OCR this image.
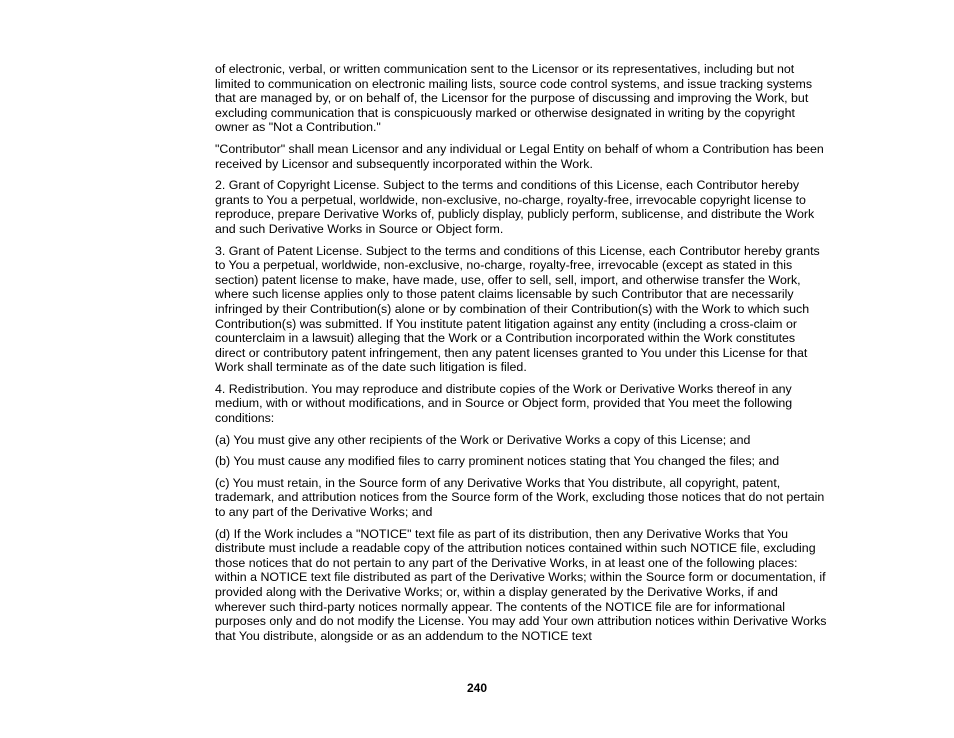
of electronic, verbal, or written communication sent to the Licensor or its representatives, including but not limited to communication on electronic mailing lists, source code control systems, and issue tracking systems that are managed by, or on behalf of, the Licensor for the purpose of discussing and improving the Work, but excluding communication that is conspicuously marked or otherwise designated in writing by the copyright owner as "Not a Contribution."

"Contributor" shall mean Licensor and any individual or Legal Entity on behalf of whom a Contribution has been received by Licensor and subsequently incorporated within the Work.

2. Grant of Copyright License. Subject to the terms and conditions of this License, each Contributor hereby grants to You a perpetual, worldwide, non-exclusive, no-charge, royalty-free, irrevocable copyright license to reproduce, prepare Derivative Works of, publicly display, publicly perform, sublicense, and distribute the Work and such Derivative Works in Source or Object form.

3. Grant of Patent License. Subject to the terms and conditions of this License, each Contributor hereby grants to You a perpetual, worldwide, non-exclusive, no-charge, royalty-free, irrevocable (except as stated in this section) patent license to make, have made, use, offer to sell, sell, import, and otherwise transfer the Work, where such license applies only to those patent claims licensable by such Contributor that are necessarily infringed by their Contribution(s) alone or by combination of their Contribution(s) with the Work to which such Contribution(s) was submitted. If You institute patent litigation against any entity (including a cross-claim or counterclaim in a lawsuit) alleging that the Work or a Contribution incorporated within the Work constitutes direct or contributory patent infringement, then any patent licenses granted to You under this License for that Work shall terminate as of the date such litigation is filed.

4. Redistribution. You may reproduce and distribute copies of the Work or Derivative Works thereof in any medium, with or without modifications, and in Source or Object form, provided that You meet the following conditions:

(a) You must give any other recipients of the Work or Derivative Works a copy of this License; and

(b) You must cause any modified files to carry prominent notices stating that You changed the files; and

(c) You must retain, in the Source form of any Derivative Works that You distribute, all copyright, patent, trademark, and attribution notices from the Source form of the Work, excluding those notices that do not pertain to any part of the Derivative Works; and

(d) If the Work includes a "NOTICE" text file as part of its distribution, then any Derivative Works that You distribute must include a readable copy of the attribution notices contained within such NOTICE file, excluding those notices that do not pertain to any part of the Derivative Works, in at least one of the following places: within a NOTICE text file distributed as part of the Derivative Works; within the Source form or documentation, if provided along with the Derivative Works; or, within a display generated by the Derivative Works, if and wherever such third-party notices normally appear. The contents of the NOTICE file are for informational purposes only and do not modify the License. You may add Your own attribution notices within Derivative Works that You distribute, alongside or as an addendum to the NOTICE text

240
